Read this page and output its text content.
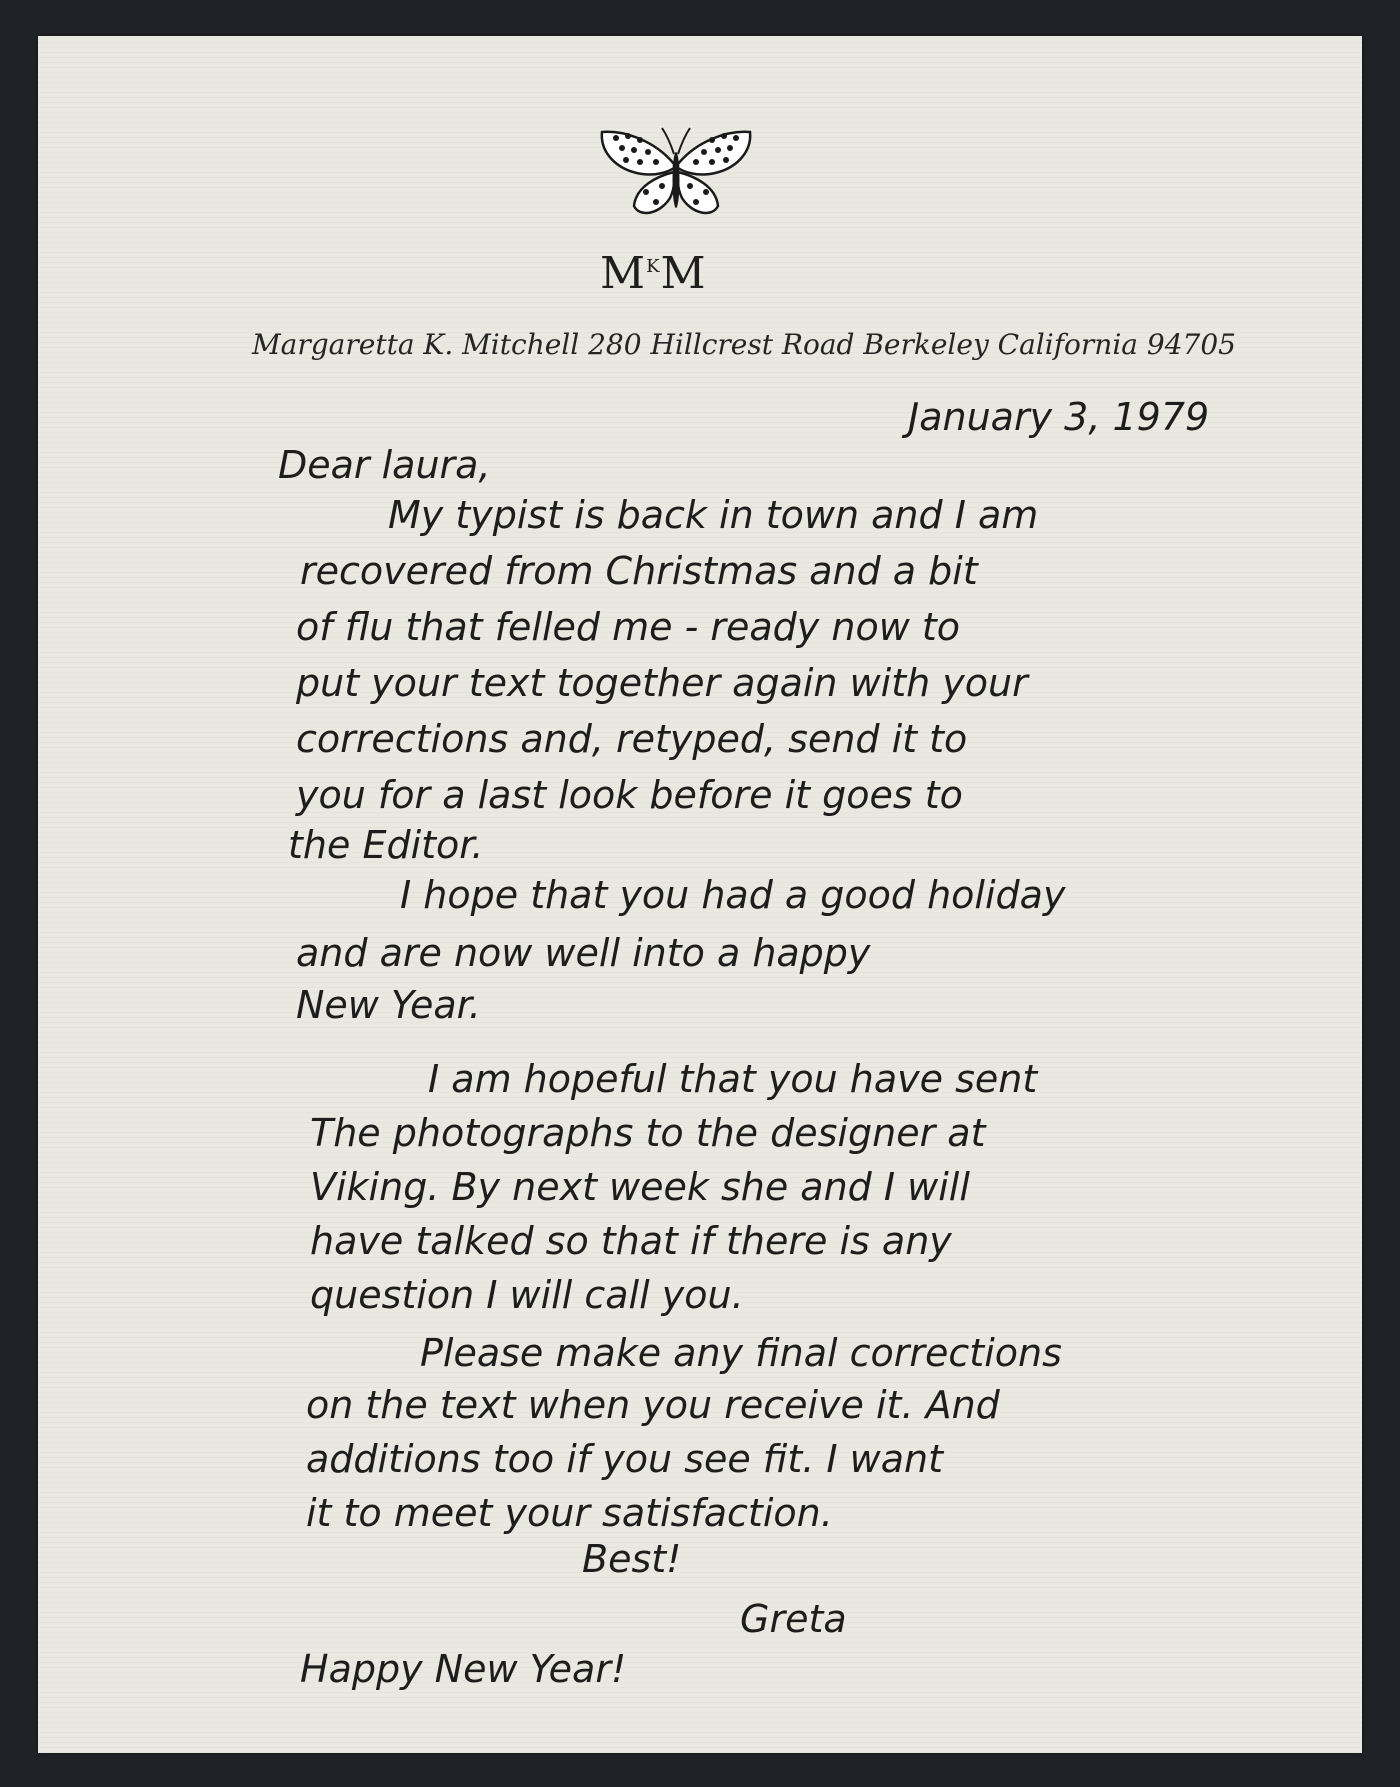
$M^KM$
Margaretta K. Mitchell 280 Hillcrest Road Berkeley California 94705
January 3, 1979
Dear laura,
My typist is back in town and I am
recovered from Christmas and a bit
of flu that felled me - ready now to
put your text together again with your
corrections and, retyped, send it to
you for a last look before it goes to
the Editor.
I hope that you had a good holiday
and are now well into a happy
New Year.
I am hopeful that you have sent
The photographs to the designer at
Viking. By next week she and I will
have talked so that if there is any
question I will call you.
Please make any final corrections
on the text when you receive it. And
additions too if you see fit. I want
it to meet your satisfaction.
Best!
Greta
Happy New Year!
